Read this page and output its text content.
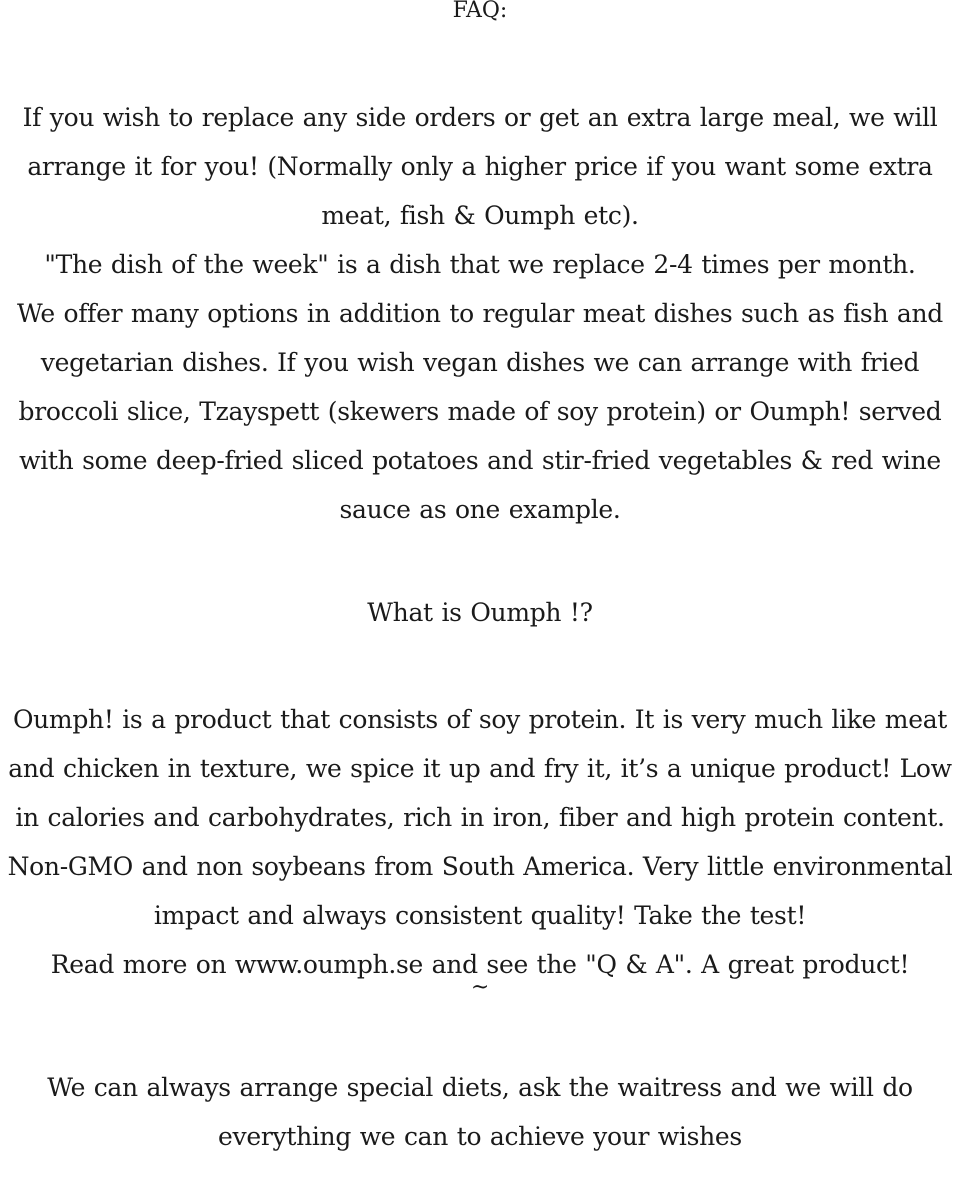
FAQ:

If you wish to replace any side orders or get an extra large meal, we will arrange it for you! (Normally only a higher price if you want some extra meat, fish & Oumph etc).

"The dish of the week" is a dish that we replace 2-4 times per month.

We offer many options in addition to regular meat dishes such as fish and vegetarian dishes. If you wish vegan dishes we can arrange with fried broccoli slice, Tzayspett (skewers made of soy protein) or Oumph! served with some deep-fried sliced potatoes and stir-fried vegetables & red wine sauce as one example.

What is Oumph !?

Oumph! is a product that consists of soy protein. It is very much like meat and chicken in texture, we spice it up and fry it, it’s a unique product! Low in calories and carbohydrates, rich in iron, fiber and high protein content. Non-GMO and non soybeans from South America. Very little environmental impact and always consistent quality! Take the test!

Read more on www.oumph.se and see the "Q & A". A great product!

~

We can always arrange special diets, ask the waitress and we will do everything we can to achieve your wishes
